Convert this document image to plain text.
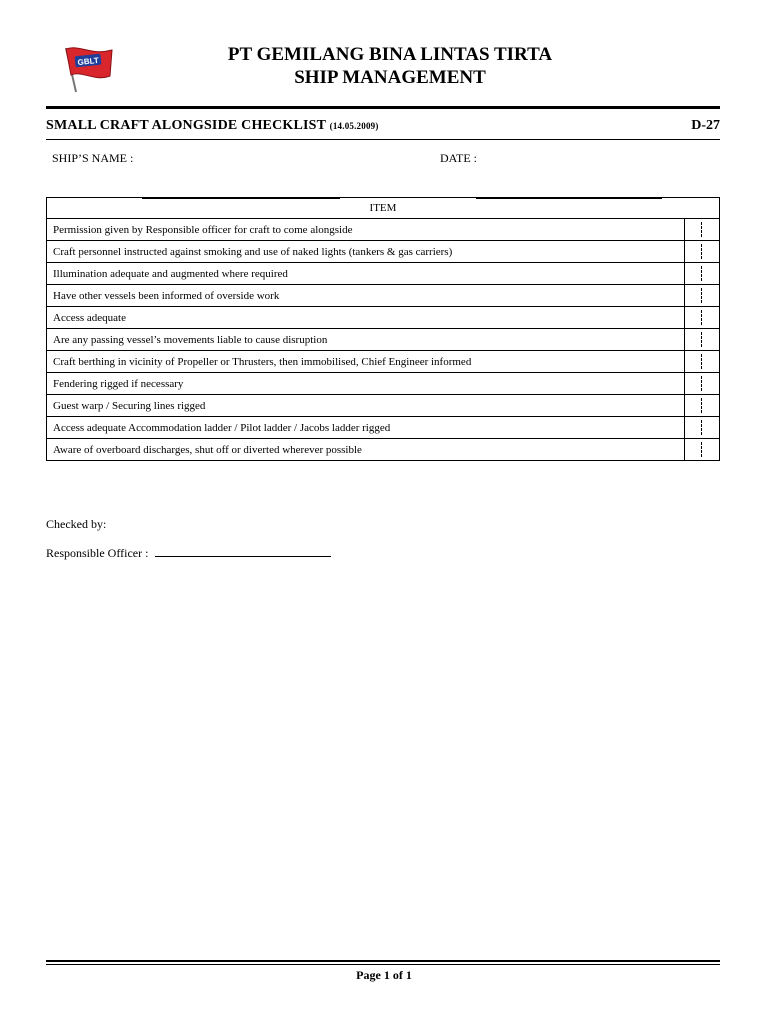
GBLT	PT GEMILANG BINA LINTAS TIRTA
SHIP MANAGEMENT
SMALL CRAFT ALONGSIDE CHECKLIST (14.05.2009)	D-27
SHIP’S NAME :	DATE :
ITEM	
Permission given by Responsible officer for craft to come alongside	

Craft personnel instructed against smoking and use of naked lights (tankers & gas carriers)	

Illumination adequate and augmented where required	

Have other vessels been informed of overside work	

Access adequate	

Are any passing vessel’s movements liable to cause disruption	

Craft berthing in vicinity of Propeller or Thrusters, then immobilised, Chief Engineer informed	

Fendering rigged if necessary	

Guest warp / Securing lines rigged	

Access adequate Accommodation ladder / Pilot ladder / Jacobs ladder rigged	

Aware of overboard discharges, shut off or diverted wherever possible	
Checked by:
Responsible Officer :
Page 1 of 1
